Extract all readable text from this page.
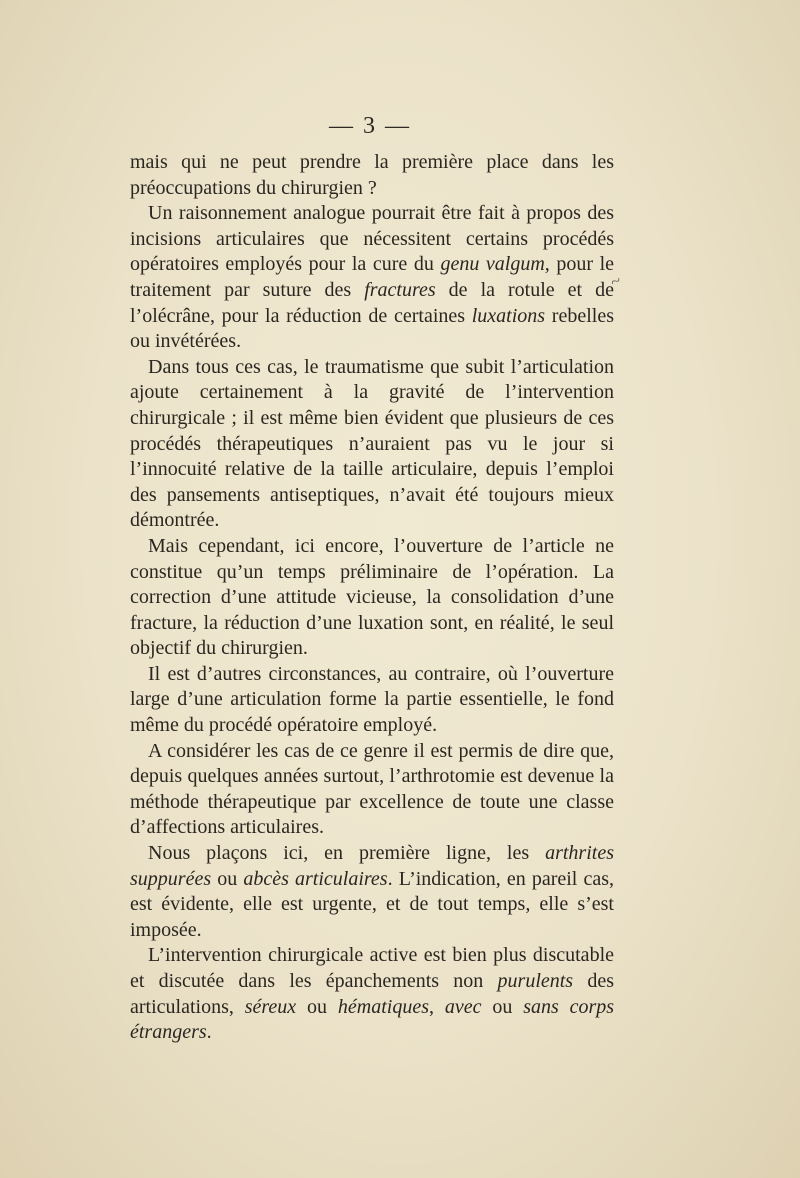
— 3 —
~

mais qui ne peut prendre la première place dans les préoccupations du chirurgien ?

Un raisonnement analogue pourrait être fait à propos des incisions articulaires que nécessitent certains procédés opératoires employés pour la cure du genu valgum, pour le traitement par suture des fractures de la rotule et de l’olécrâne, pour la réduction de certaines luxations rebelles ou invétérées.

Dans tous ces cas, le traumatisme que subit l’articulation ajoute certainement à la gravité de l’intervention chirurgicale ; il est même bien évident que plusieurs de ces procédés thérapeutiques n’auraient pas vu le jour si l’innocuité relative de la taille articulaire, depuis l’emploi des pansements antiseptiques, n’avait été toujours mieux démontrée.

Mais cependant, ici encore, l’ouverture de l’article ne constitue qu’un temps préliminaire de l’opération. La correction d’une attitude vicieuse, la consolidation d’une fracture, la réduction d’une luxation sont, en réalité, le seul objectif du chirurgien.

Il est d’autres circonstances, au contraire, où l’ouverture large d’une articulation forme la partie essentielle, le fond même du procédé opératoire employé.

A considérer les cas de ce genre il est permis de dire que, depuis quelques années surtout, l’arthrotomie est devenue la méthode thérapeutique par excellence de toute une classe d’affections articulaires.

Nous plaçons ici, en première ligne, les arthrites suppurées ou abcès articulaires. L’indication, en pareil cas, est évidente, elle est urgente, et de tout temps, elle s’est imposée.

L’intervention chirurgicale active est bien plus discutable et discutée dans les épanchements non purulents des articulations, séreux ou hématiques, avec ou sans corps étrangers.
